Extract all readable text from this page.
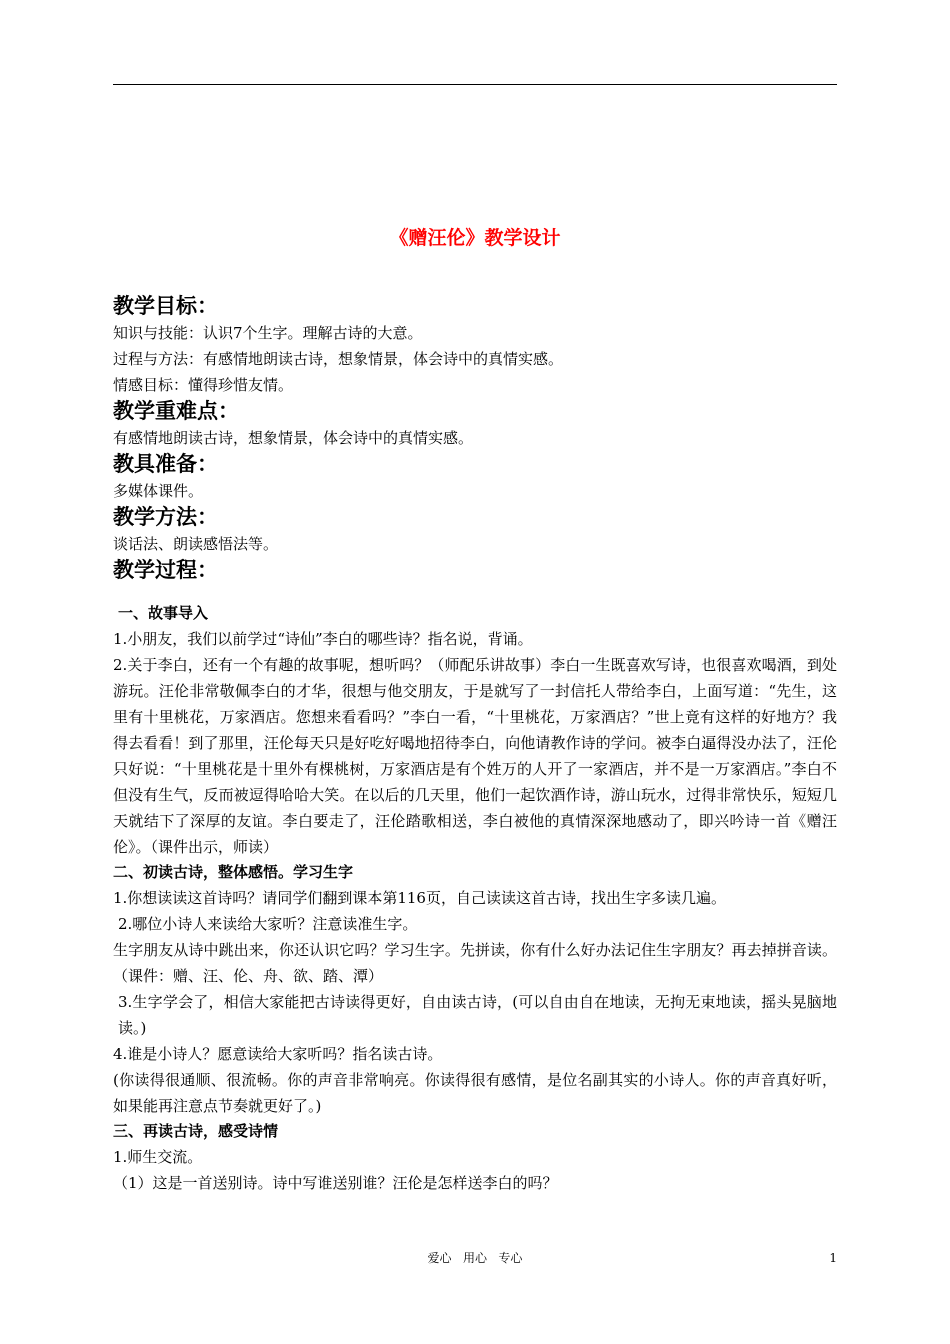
《赠汪伦》教学设计
教学目标：
知识与技能：认识7个生字。理解古诗的大意。
过程与方法：有感情地朗读古诗，想象情景，体会诗中的真情实感。
情感目标：懂得珍惜友情。
教学重难点：
有感情地朗读古诗，想象情景，体会诗中的真情实感。
教具准备：
多媒体课件。
教学方法：
谈话法、朗读感悟法等。
教学过程：
一、故事导入
1.小朋友，我们以前学过“诗仙”李白的哪些诗？指名说，背诵。
2.关于李白，还有一个有趣的故事呢，想听吗？（师配乐讲故事）李白一生既喜欢写诗，也很喜欢喝酒，到处游玩。汪伦非常敬佩李白的才华，很想与他交朋友，于是就写了一封信托人带给李白，上面写道：“先生，这里有十里桃花，万家酒店。您想来看看吗？”李白一看，“十里桃花，万家酒店？”世上竟有这样的好地方？我得去看看！到了那里，汪伦每天只是好吃好喝地招待李白，向他请教作诗的学问。被李白逼得没办法了，汪伦只好说：“十里桃花是十里外有棵桃树，万家酒店是有个姓万的人开了一家酒店，并不是一万家酒店。”李白不但没有生气，反而被逗得哈哈大笑。在以后的几天里，他们一起饮酒作诗，游山玩水，过得非常快乐，短短几天就结下了深厚的友谊。李白要走了，汪伦踏歌相送，李白被他的真情深深地感动了，即兴吟诗一首《赠汪伦》。（课件出示，师读）
二、初读古诗，整体感悟。学习生字
1.你想读读这首诗吗？请同学们翻到课本第116页，自己读读这首古诗，找出生字多读几遍。
2.哪位小诗人来读给大家听？注意读准生字。
生字朋友从诗中跳出来，你还认识它吗？学习生字。先拼读，你有什么好办法记住生字朋友？再去掉拼音读。（课件：赠、汪、伦、舟、欲、踏、潭）
3.生字学会了，相信大家能把古诗读得更好，自由读古诗，(可以自由自在地读，无拘无束地读，摇头晃脑地读。)
4.谁是小诗人？愿意读给大家听吗？指名读古诗。
(你读得很通顺、很流畅。你的声音非常响亮。你读得很有感情，是位名副其实的小诗人。你的声音真好听，如果能再注意点节奏就更好了。)
三、再读古诗，感受诗情
1.师生交流。
（1）这是一首送别诗。诗中写谁送别谁？汪伦是怎样送李白的吗？
爱心   用心   专心	1
